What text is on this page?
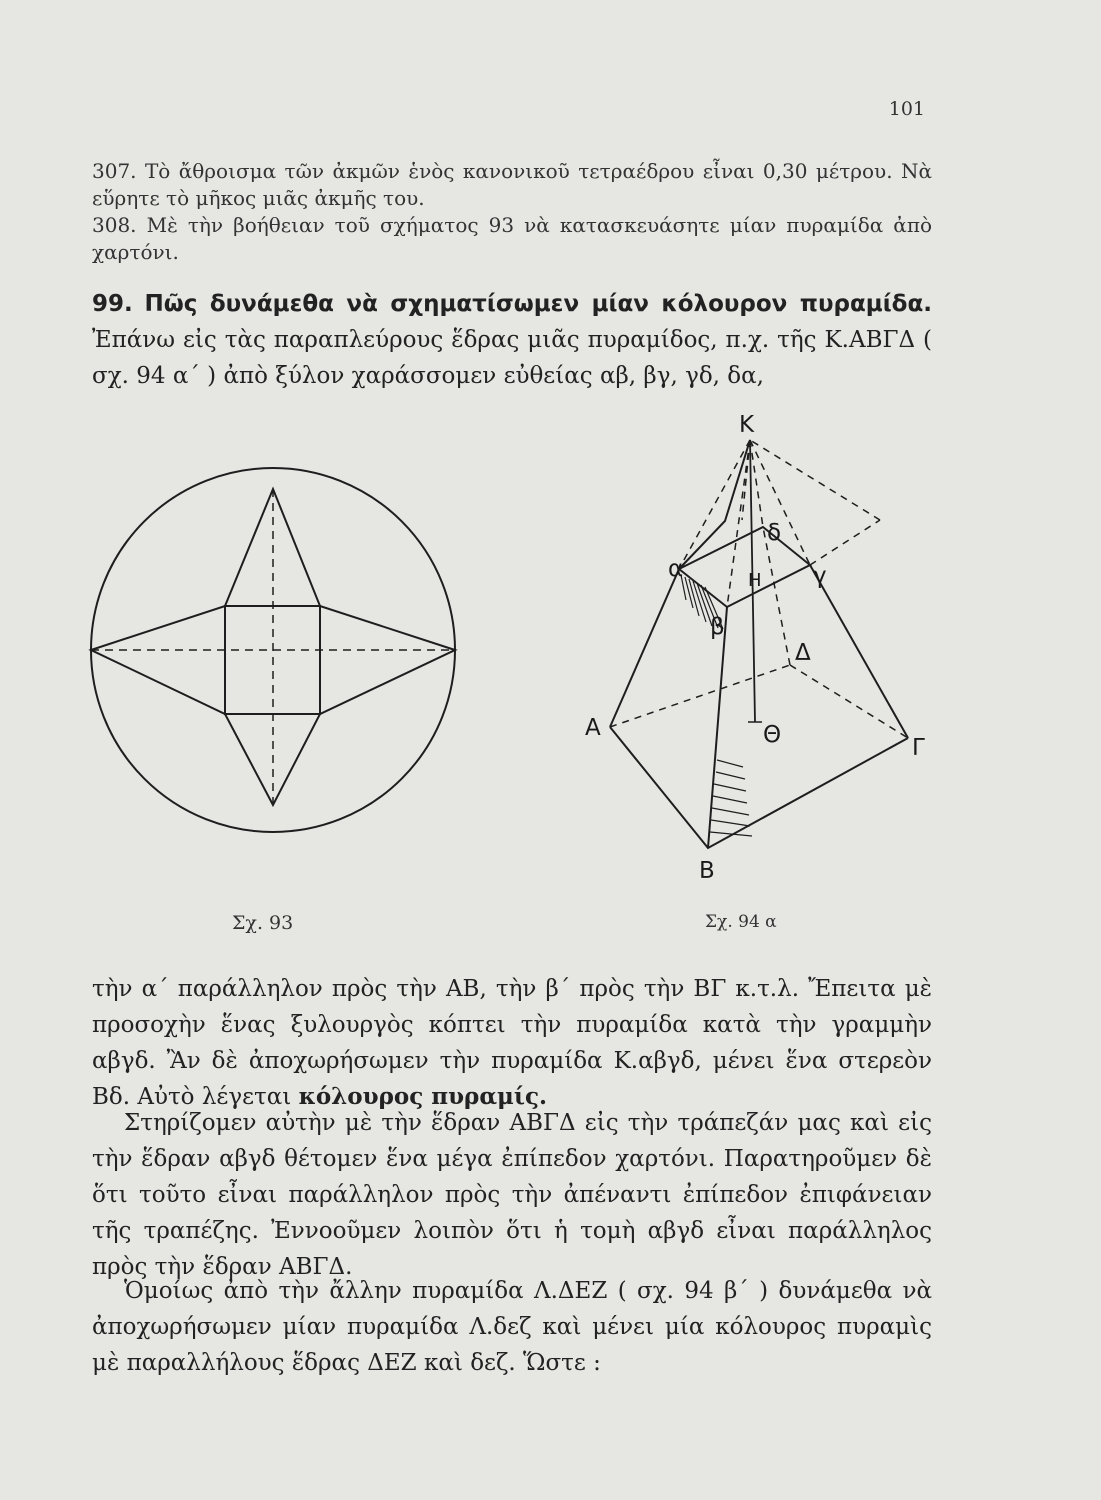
101

307. Τὸ ἄθροισμα τῶν ἀκμῶν ἑνὸς κανονικοῦ τετραέδρου εἶναι 0,30 μέτρου. Νὰ εὕρητε τὸ μῆκος μιᾶς ἀκμῆς του.

308. Μὲ τὴν βοήθειαν τοῦ σχήματος 93 νὰ κατασκευάσητε μίαν πυραμίδα ἀπὸ χαρτόνι.

99. Πῶς δυνάμεθα νὰ σχηματίσωμεν μίαν κόλουρον πυραμίδα. Ἐπάνω εἰς τὰς παραπλεύρους ἕδρας μιᾶς πυραμίδος, π.χ. τῆς Κ.ΑΒΓΔ ( σχ. 94 α΄ ) ἀπὸ ξύλον χαράσσομεν εὐθείας αβ, βγ, γδ, δα,

Κ
δ
Η γ
α
β
Δ
Α	Θ	Γ
Β
Σχ. 93	Σχ. 94 α

τὴν α΄ παράλληλον πρὸς τὴν ΑΒ, τὴν β΄ πρὸς τὴν ΒΓ κ.τ.λ. Ἔπειτα μὲ προσοχὴν ἕνας ξυλουργὸς κόπτει τὴν πυραμίδα κατὰ τὴν γραμμὴν αβγδ. Ἂν δὲ ἀποχωρήσωμεν τὴν πυραμίδα Κ.αβγδ, μένει ἕνα στερεὸν Βδ. Αὐτὸ λέγεται κόλουρος πυραμίς.

Στηρίζομεν αὐτὴν μὲ τὴν ἕδραν ΑΒΓΔ εἰς τὴν τράπεζάν μας καὶ εἰς τὴν ἕδραν αβγδ θέτομεν ἕνα μέγα ἐπίπεδον χαρτόνι. Παρατηροῦμεν δὲ ὅτι τοῦτο εἶναι παράλληλον πρὸς τὴν ἀπέναντι ἐπίπεδον ἐπιφάνειαν τῆς τραπέζης. Ἐννοοῦμεν λοιπὸν ὅτι ἡ τομὴ αβγδ εἶναι παράλληλος πρὸς τὴν ἕδραν ΑΒΓΔ.

Ὁμοίως ἀπὸ τὴν ἄλλην πυραμίδα Λ.ΔΕΖ ( σχ. 94 β΄ ) δυνάμεθα νὰ ἀποχωρήσωμεν μίαν πυραμίδα Λ.δεζ καὶ μένει μία κόλουρος πυραμὶς μὲ παραλλήλους ἕδρας ΔΕΖ καὶ δεζ. Ὥστε :
